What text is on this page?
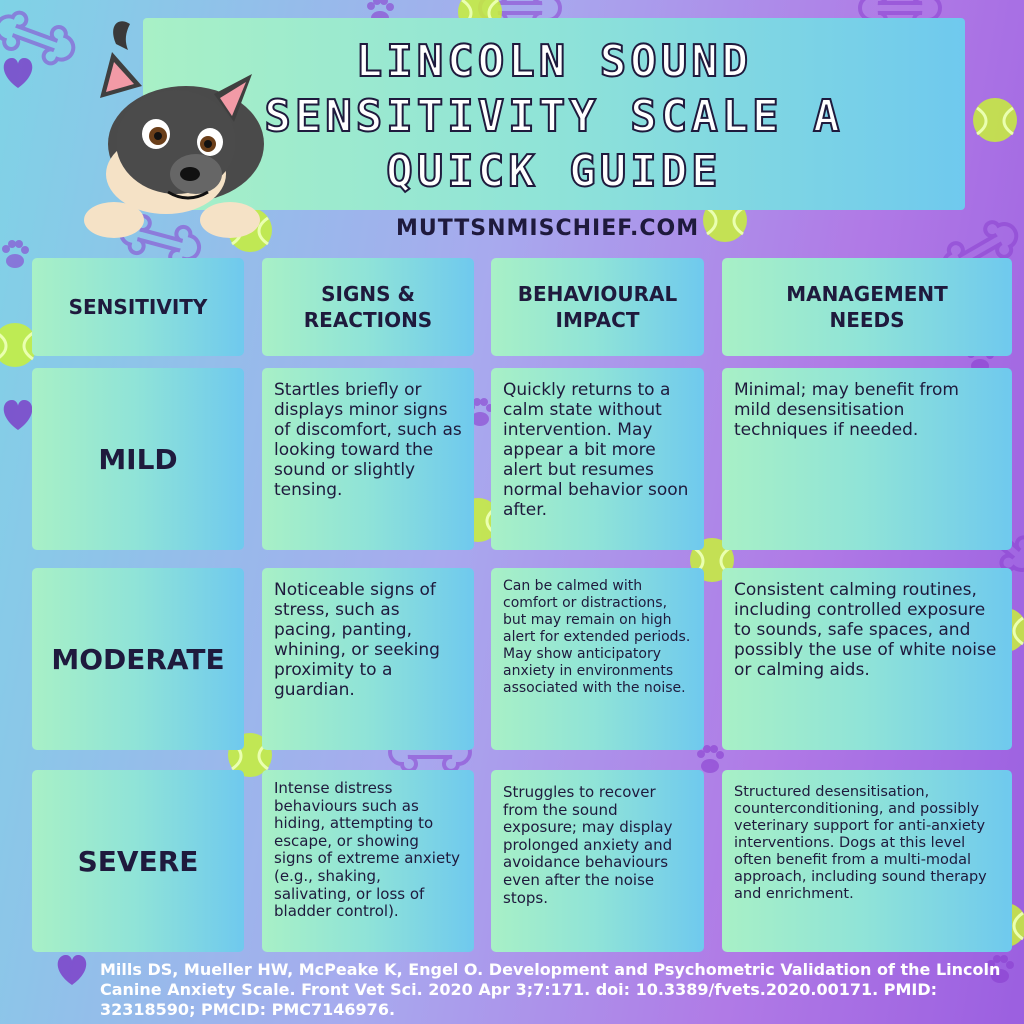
LINCOLN SOUND
SENSITIVITY SCALE A
QUICK GUIDE
MUTTSNMISCHIEF.COM
SENSITIVITY
SIGNS & REACTIONS
BEHAVIOURAL IMPACT
MANAGEMENT NEEDS
MILD
Startles briefly or displays minor signs of discomfort, such as looking toward the sound or slightly tensing.
Quickly returns to a calm state without intervention. May appear a bit more alert but resumes normal behavior soon after.
Minimal; may benefit from mild desensitisation techniques if needed.
MODERATE
Noticeable signs of stress, such as pacing, panting, whining, or seeking proximity to a guardian.
Can be calmed with comfort or distractions, but may remain on high alert for extended periods. May show anticipatory anxiety in environments associated with the noise.
Consistent calming routines, including controlled exposure to sounds, safe spaces, and possibly the use of white noise or calming aids.
SEVERE
Intense distress behaviours such as hiding, attempting to escape, or showing signs of extreme anxiety (e.g., shaking, salivating, or loss of bladder control).
Struggles to recover from the sound exposure; may display prolonged anxiety and avoidance behaviours even after the noise stops.
Structured desensitisation, counterconditioning, and possibly veterinary support for anti-anxiety interventions. Dogs at this level often benefit from a multi-modal approach, including sound therapy and enrichment.
Mills DS, Mueller HW, McPeake K, Engel O. Development and Psychometric Validation of the Lincoln Canine Anxiety Scale. Front Vet Sci. 2020 Apr 3;7:171. doi: 10.3389/fvets.2020.00171. PMID: 32318590; PMCID: PMC7146976.
